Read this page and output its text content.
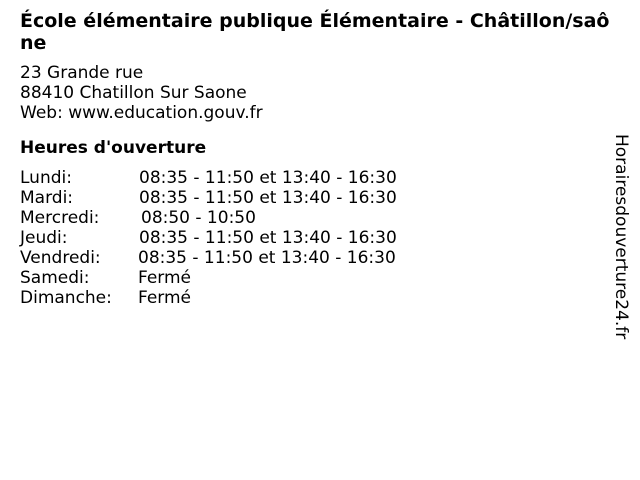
École élémentaire publique Élémentaire - Châtillon/saône
23 Grande rue
88410 Chatillon Sur Saone
Web: www.education.gouv.fr
Heures d'ouverture
Lundi:	08:35 - 11:50 et 13:40 - 16:30
Mardi:	08:35 - 11:50 et 13:40 - 16:30
Mercredi: 08:50 - 10:50
Jeudi:	08:35 - 11:50 et 13:40 - 16:30
Vendredi: 08:35 - 11:50 et 13:40 - 16:30
Samedi:	Fermé
Dimanche: Fermé	Horairesdouverture24.fr
